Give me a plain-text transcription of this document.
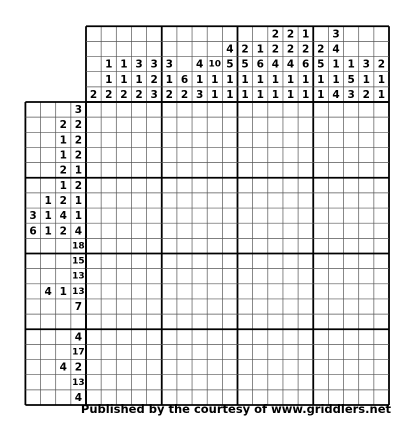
2
1
1
2
1
1
2
3
1
2
3
2
3
3
1
2
6
2
4
1
3
10
1
1
4
5
1
1
2
5
1
1
1
6
1
1
2
2
4
1
1
2
2
4
1
1
1
2
6
1
1
2
5
1
1
3
4
1
1
4
1
5
3
3
1
2
2
1
1
3
2 2
1 2
1 2
2 1
1 2
1 2 1
3 1 4 1
6 1 2 4
18
15
13
4 1 13
7
4
17
4 2
13
4
Published by the courtesy of www.griddlers.net
